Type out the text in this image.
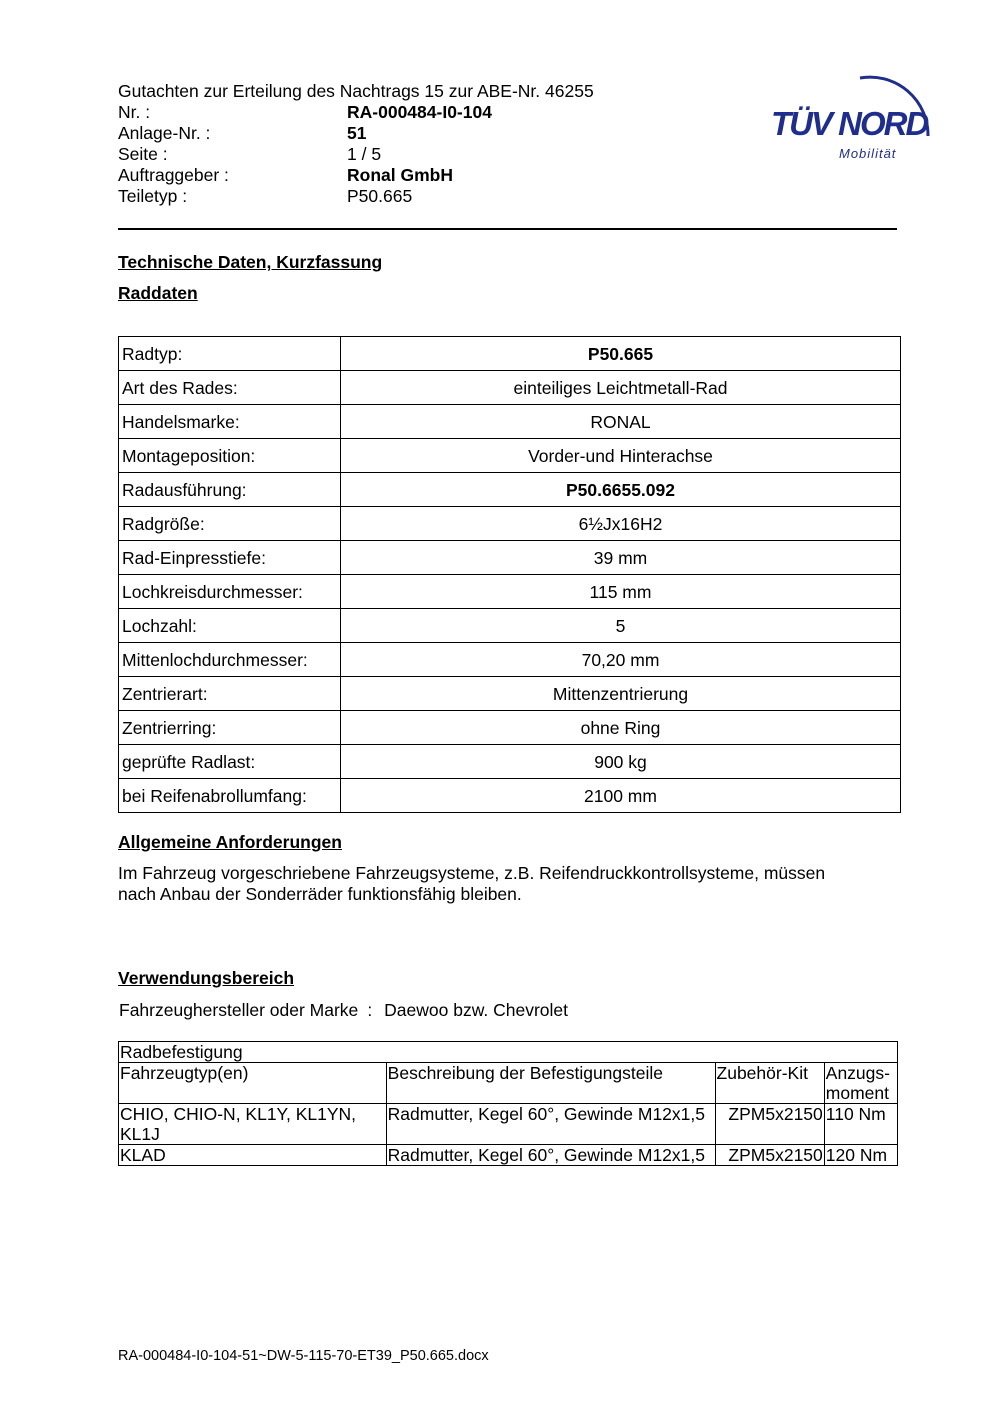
Gutachten zur Erteilung des Nachtrags 15 zur ABE-Nr. 46255
Nr. :	RA-000484-I0-104
Anlage-Nr. :	51
Seite :	1 / 5
Auftraggeber :	Ronal GmbH
Teiletyp :	P50.665
TÜV NORD
Mobilität
Technische Daten, Kurzfassung
Raddaten
Radtyp:	P50.665
Art des Rades:	einteiliges Leichtmetall-Rad
Handelsmarke:	RONAL
Montageposition:	Vorder-und Hinterachse
Radausführung:	P50.6655.092
Radgröße:	6½Jx16H2
Rad-Einpresstiefe:	39 mm
Lochkreisdurchmesser:	115 mm
Lochzahl:	5
Mittenlochdurchmesser:	70,20 mm
Zentrierart:	Mittenzentrierung
Zentrierring:	ohne Ring
geprüfte Radlast:	900 kg
bei Reifenabrollumfang:	2100 mm
Allgemeine Anforderungen
Im Fahrzeug vorgeschriebene Fahrzeugsysteme, z.B. Reifendruckkontrollsysteme, müssen
nach Anbau der Sonderräder funktionsfähig bleiben.
Verwendungsbereich
Fahrzeughersteller oder Marke : Daewoo bzw. Chevrolet
Radbefestigung			
Fahrzeugtyp(en)	Beschreibung der Befestigungsteile	Zubehör-Kit	Anzugs-moment
CHIO, CHIO-N, KL1Y, KL1YN, KL1J	Radmutter, Kegel 60°, Gewinde M12x1,5	ZPM5x2150	110 Nm
KLAD	Radmutter, Kegel 60°, Gewinde M12x1,5	ZPM5x2150	120 Nm
RA-000484-I0-104-51~DW-5-115-70-ET39_P50.665.docx
